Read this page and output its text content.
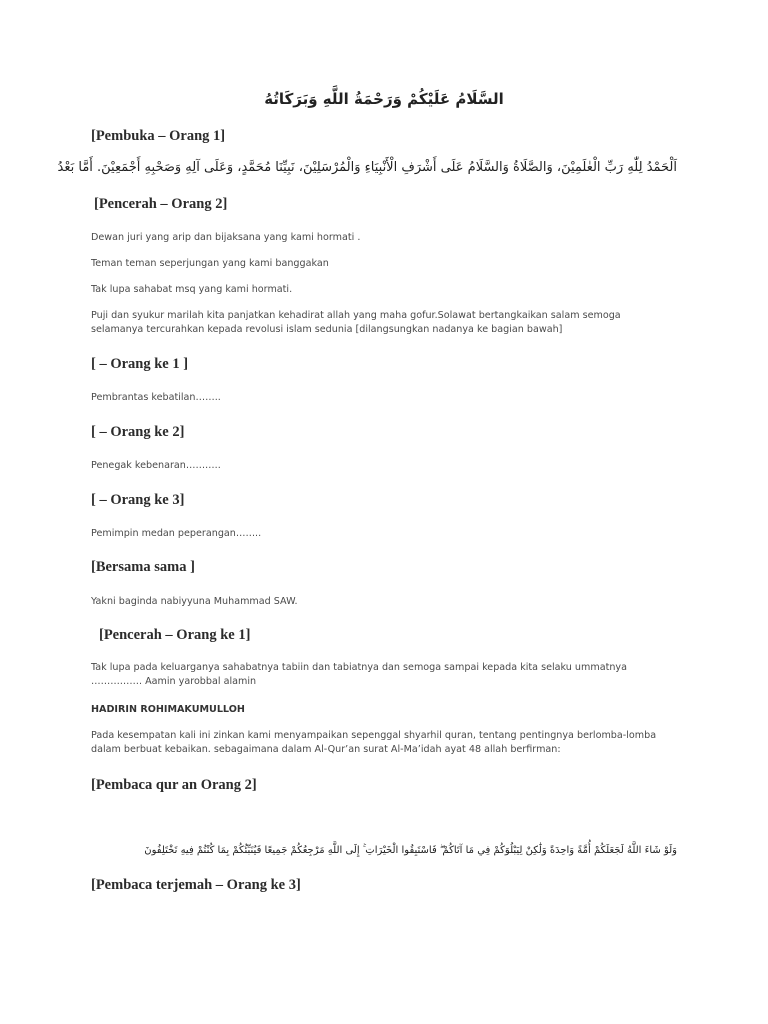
السَّلَامُ عَلَيْكُمْ وَرَحْمَةُ اللَّهِ وَبَرَكَاتُهُ
[Pembuka – Orang 1]
اَلْحَمْدُ لِلّٰهِ رَبِّ الْعٰلَمِيْنَ، وَالصَّلَاةُ وَالسَّلَامُ عَلَى أَشْرَفِ الْأَنْبِيَاءِ وَالْمُرْسَلِيْنَ، نَبِيِّنَا مُحَمَّدٍ، وَعَلَى آلِهِ وَصَحْبِهِ أَجْمَعِيْنَ. أَمَّا بَعْدُ
[Pencerah – Orang 2]
Dewan juri yang arip dan bijaksana yang kami hormati .
Teman teman seperjungan yang kami banggakan
Tak lupa sahabat msq yang kami hormati.
Puji dan syukur marilah kita panjatkan kehadirat allah yang maha gofur.Solawat bertangkaikan salam semoga selamanya tercurahkan kepada revolusi islam sedunia [dilangsungkan nadanya ke bagian bawah]
[ – Orang ke 1 ]
Pembrantas kebatilan……..
[ – Orang ke 2]
Penegak kebenaran………..
[ – Orang ke 3]
Pemimpin medan peperangan……..
[Bersama sama ]
Yakni baginda nabiyyuna Muhammad SAW.
[Pencerah – Orang ke 1]
Tak lupa pada keluarganya sahabatnya tabiin dan tabiatnya dan semoga sampai kepada kita selaku ummatnya ……………. Aamin yarobbal alamin
HADIRIN ROHIMAKUMULLOH
Pada kesempatan kali ini zinkan kami menyampaikan sepenggal shyarhil quran, tentang pentingnya berlomba-lomba dalam berbuat kebaikan. sebagaimana dalam Al-Qur’an surat Al-Ma’idah ayat 48 allah berfirman:
[Pembaca qur an Orang 2]
وَلَوْ شَاءَ اللَّهُ لَجَعَلَكُمْ أُمَّةً وَاحِدَةً وَلَٰكِنْ لِيَبْلُوَكُمْ فِي مَا آتَاكُمْ ۖ فَاسْتَبِقُوا الْخَيْرَاتِ ۚ إِلَى اللَّهِ مَرْجِعُكُمْ جَمِيعًا فَيُنَبِّئُكُمْ بِمَا كُنْتُمْ فِيهِ تَخْتَلِفُونَ
[Pembaca terjemah – Orang ke 3]
